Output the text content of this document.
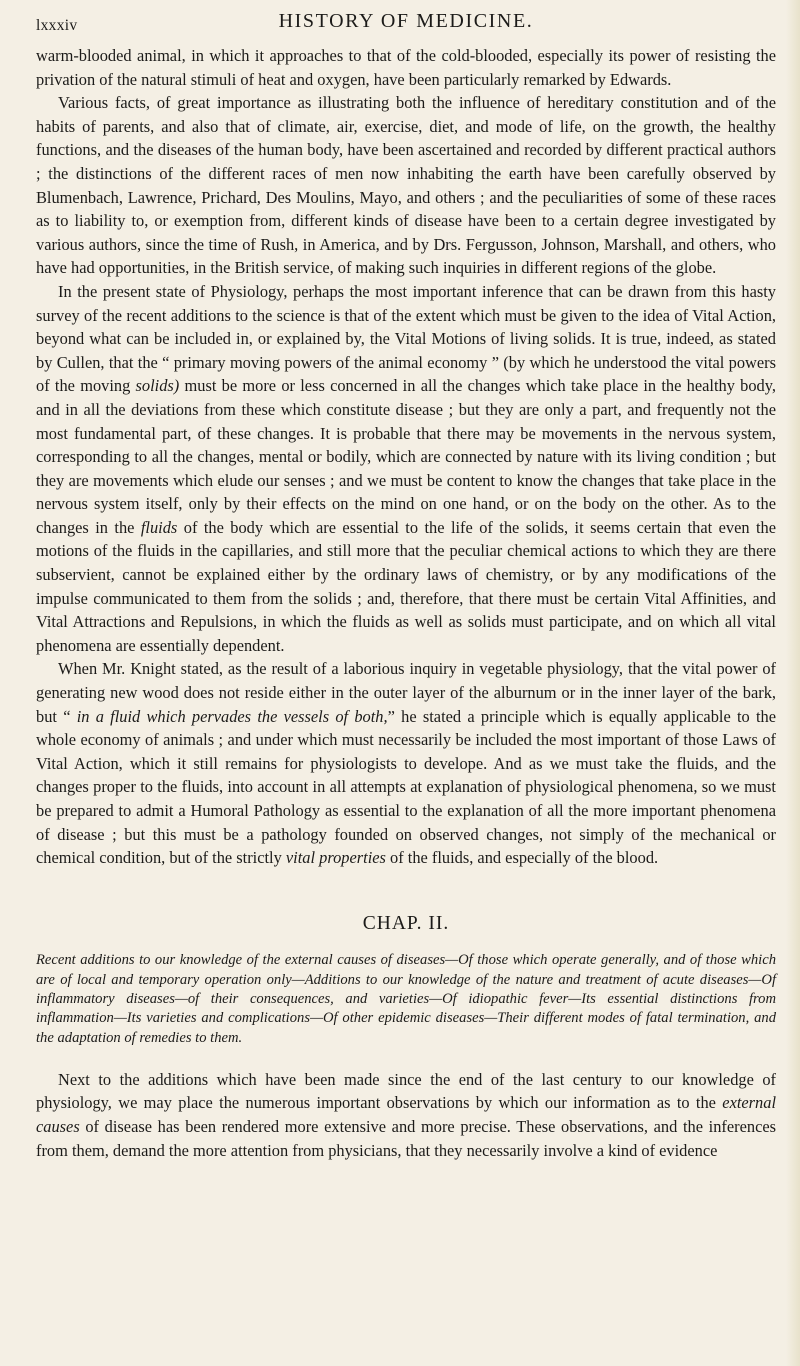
lxxxiv	HISTORY OF MEDICINE.

warm-blooded animal, in which it approaches to that of the cold-blooded, especially its power of resisting the privation of the natural stimuli of heat and oxygen, have been particularly remarked by Edwards.

Various facts, of great importance as illustrating both the influence of hereditary constitution and of the habits of parents, and also that of climate, air, exercise, diet, and mode of life, on the growth, the healthy functions, and the diseases of the human body, have been ascertained and recorded by different practical authors ; the distinctions of the different races of men now inhabiting the earth have been carefully observed by Blumenbach, Lawrence, Prichard, Des Moulins, Mayo, and others ; and the peculiarities of some of these races as to liability to, or exemption from, different kinds of disease have been to a certain degree investigated by various authors, since the time of Rush, in America, and by Drs. Fergusson, Johnson, Marshall, and others, who have had opportunities, in the British service, of making such inquiries in different regions of the globe.

In the present state of Physiology, perhaps the most important inference that can be drawn from this hasty survey of the recent additions to the science is that of the extent which must be given to the idea of Vital Action, beyond what can be included in, or explained by, the Vital Motions of living solids. It is true, indeed, as stated by Cullen, that the “ primary moving powers of the animal economy ” (by which he understood the vital powers of the moving solids) must be more or less concerned in all the changes which take place in the healthy body, and in all the deviations from these which constitute disease ; but they are only a part, and frequently not the most fundamental part, of these changes. It is probable that there may be movements in the nervous system, corresponding to all the changes, mental or bodily, which are connected by nature with its living condition ; but they are movements which elude our senses ; and we must be content to know the changes that take place in the nervous system itself, only by their effects on the mind on one hand, or on the body on the other. As to the changes in the fluids of the body which are essential to the life of the solids, it seems certain that even the motions of the fluids in the capillaries, and still more that the peculiar chemical actions to which they are there subservient, cannot be explained either by the ordinary laws of chemistry, or by any modifications of the impulse communicated to them from the solids ; and, therefore, that there must be certain Vital Affinities, and Vital Attractions and Repulsions, in which the fluids as well as solids must participate, and on which all vital phenomena are essentially dependent.

When Mr. Knight stated, as the result of a laborious inquiry in vegetable physiology, that the vital power of generating new wood does not reside either in the outer layer of the alburnum or in the inner layer of the bark, but “ in a fluid which pervades the vessels of both,” he stated a principle which is equally applicable to the whole economy of animals ; and under which must necessarily be included the most important of those Laws of Vital Action, which it still remains for physiologists to develope. And as we must take the fluids, and the changes proper to the fluids, into account in all attempts at explanation of physiological phenomena, so we must be prepared to admit a Humoral Pathology as essential to the explanation of all the more important phenomena of disease ; but this must be a pathology founded on observed changes, not simply of the mechanical or chemical condition, but of the strictly vital properties of the fluids, and especially of the blood.

CHAP. II.
Recent additions to our knowledge of the external causes of diseases—Of those which operate generally, and of those which are of local and temporary operation only—Additions to our knowledge of the nature and treatment of acute diseases—Of inflammatory diseases—of their consequences, and varieties—Of idiopathic fever—Its essential distinctions from inflammation—Its varieties and complications—Of other epidemic diseases—Their different modes of fatal termination, and the adaptation of remedies to them.

Next to the additions which have been made since the end of the last century to our knowledge of physiology, we may place the numerous important observations by which our information as to the external causes of disease has been rendered more extensive and more precise. These observations, and the inferences from them, demand the more attention from physicians, that they necessarily involve a kind of evidence
